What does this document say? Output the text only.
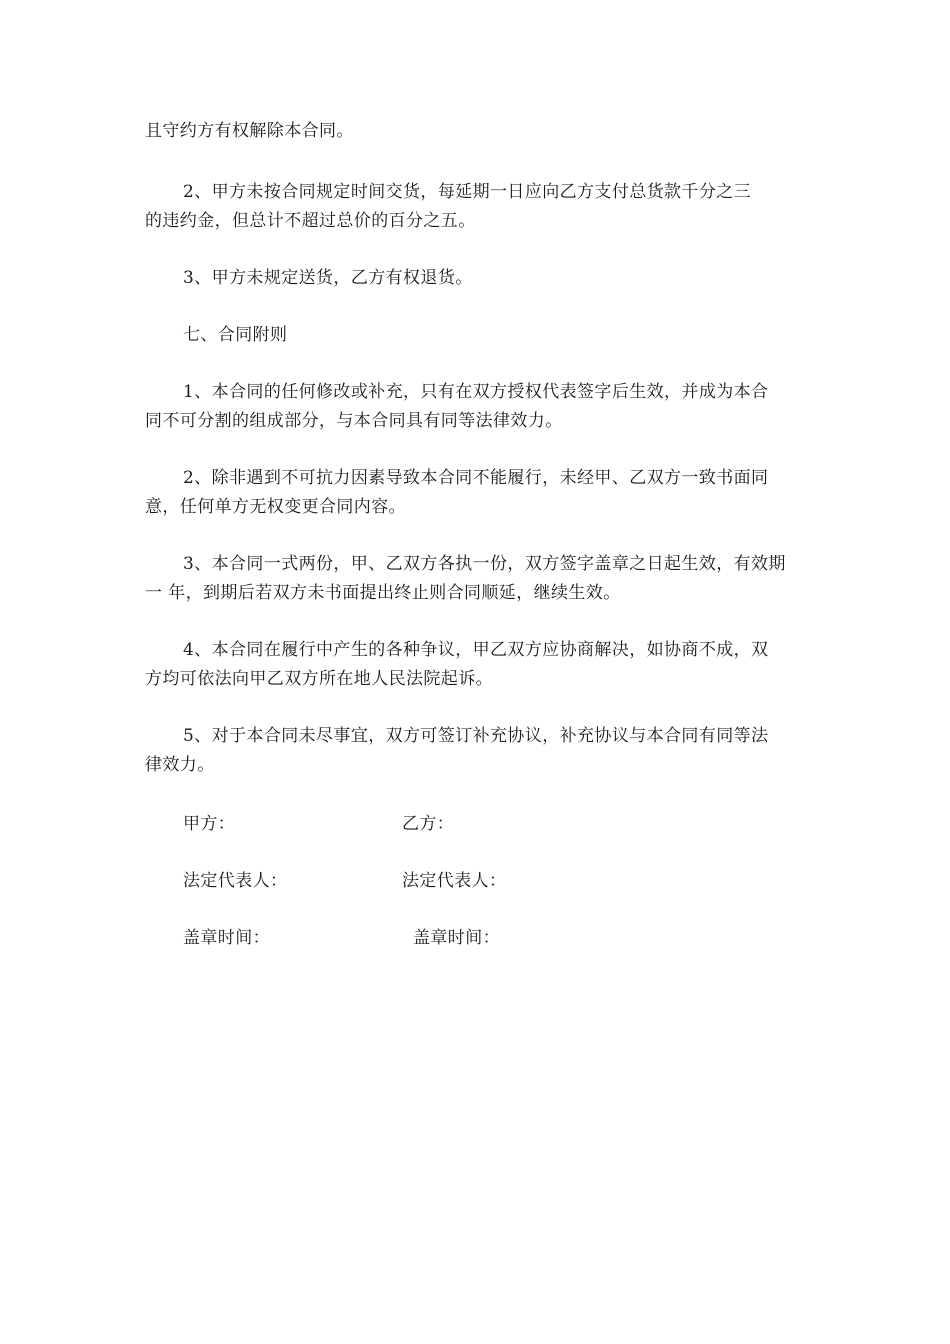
且守约方有权解除本合同。

2、甲方未按合同规定时间交货，每延期一日应向乙方支付总货款千分之三
的违约金，但总计不超过总价的百分之五。

3、甲方未规定送货，乙方有权退货。

七、合同附则

1、本合同的任何修改或补充，只有在双方授权代表签字后生效，并成为本合
同不可分割的组成部分，与本合同具有同等法律效力。

2、除非遇到不可抗力因素导致本合同不能履行，未经甲、乙双方一致书面同
意，任何单方无权变更合同内容。

3、本合同一式两份，甲、乙双方各执一份，双方签字盖章之日起生效，有效期
一 年，到期后若双方未书面提出终止则合同顺延，继续生效。

4、本合同在履行中产生的各种争议，甲乙双方应协商解决，如协商不成，双
方均可依法向甲乙双方所在地人民法院起诉。

5、对于本合同未尽事宜，双方可签订补充协议，补充协议与本合同有同等法
律效力。

甲方：	乙方：
法定代表人：	法定代表人：
盖章时间：	盖章时间：
